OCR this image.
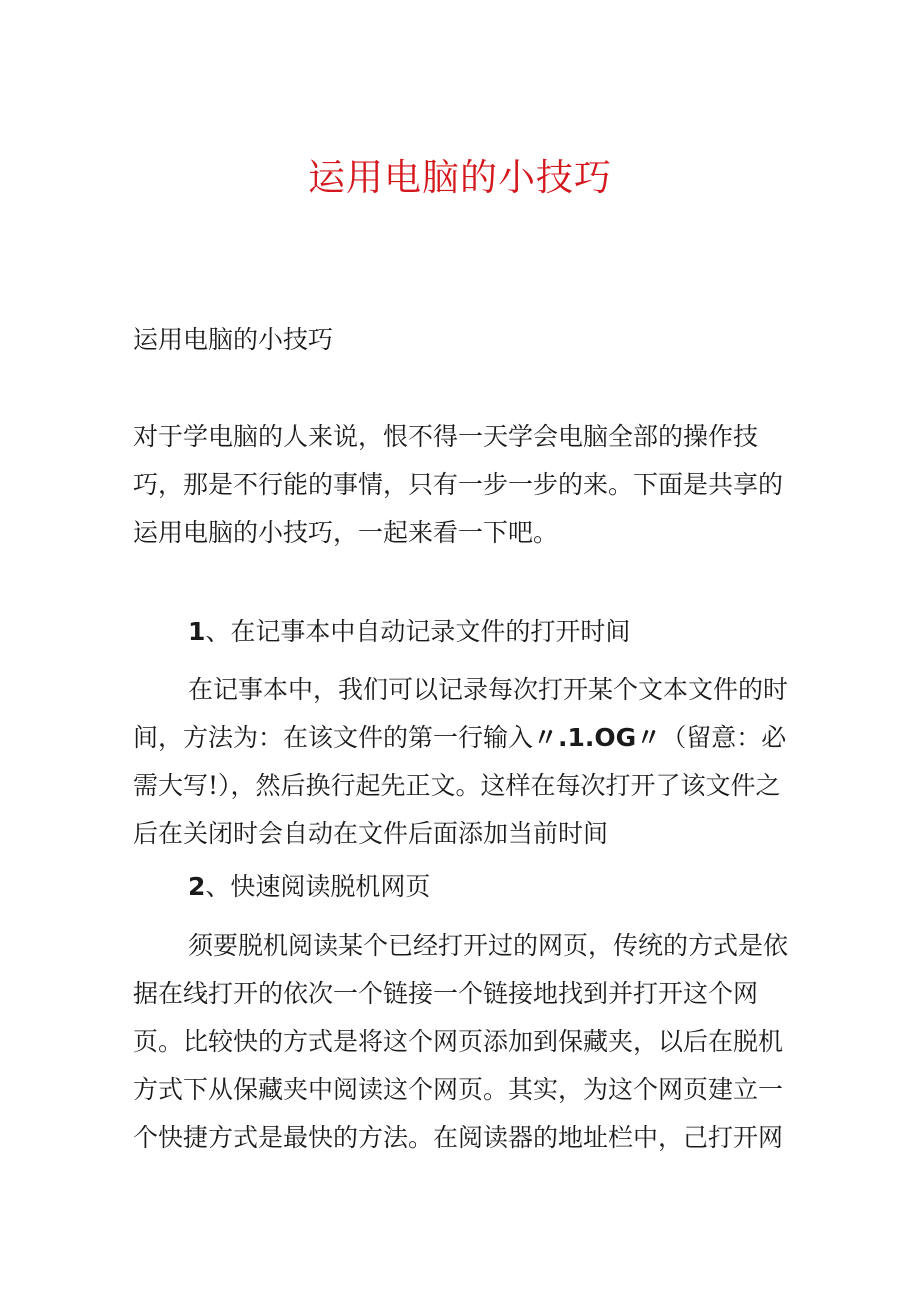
运用电脑的小技巧

运用电脑的小技巧

对于学电脑的人来说，恨不得一天学会电脑全部的操作技巧，那是不行能的事情，只有一步一步的来。下面是共享的运用电脑的小技巧，一起来看一下吧。

1、在记事本中自动记录文件的打开时间

在记事本中，我们可以记录每次打开某个文本文件的时间，方法为：在该文件的第一行输入〃.1.OG〃（留意：必需大写!），然后换行起先正文。这样在每次打开了该文件之后在关闭时会自动在文件后面添加当前时间

2、快速阅读脱机网页

须要脱机阅读某个已经打开过的网页，传统的方式是依据在线打开的依次一个链接一个链接地找到并打开这个网页。比较快的方式是将这个网页添加到保藏夹，以后在脱机方式下从保藏夹中阅读这个网页。其实，为这个网页建立一个快捷方式是最快的方法。在阅读器的地址栏中，己打开网
